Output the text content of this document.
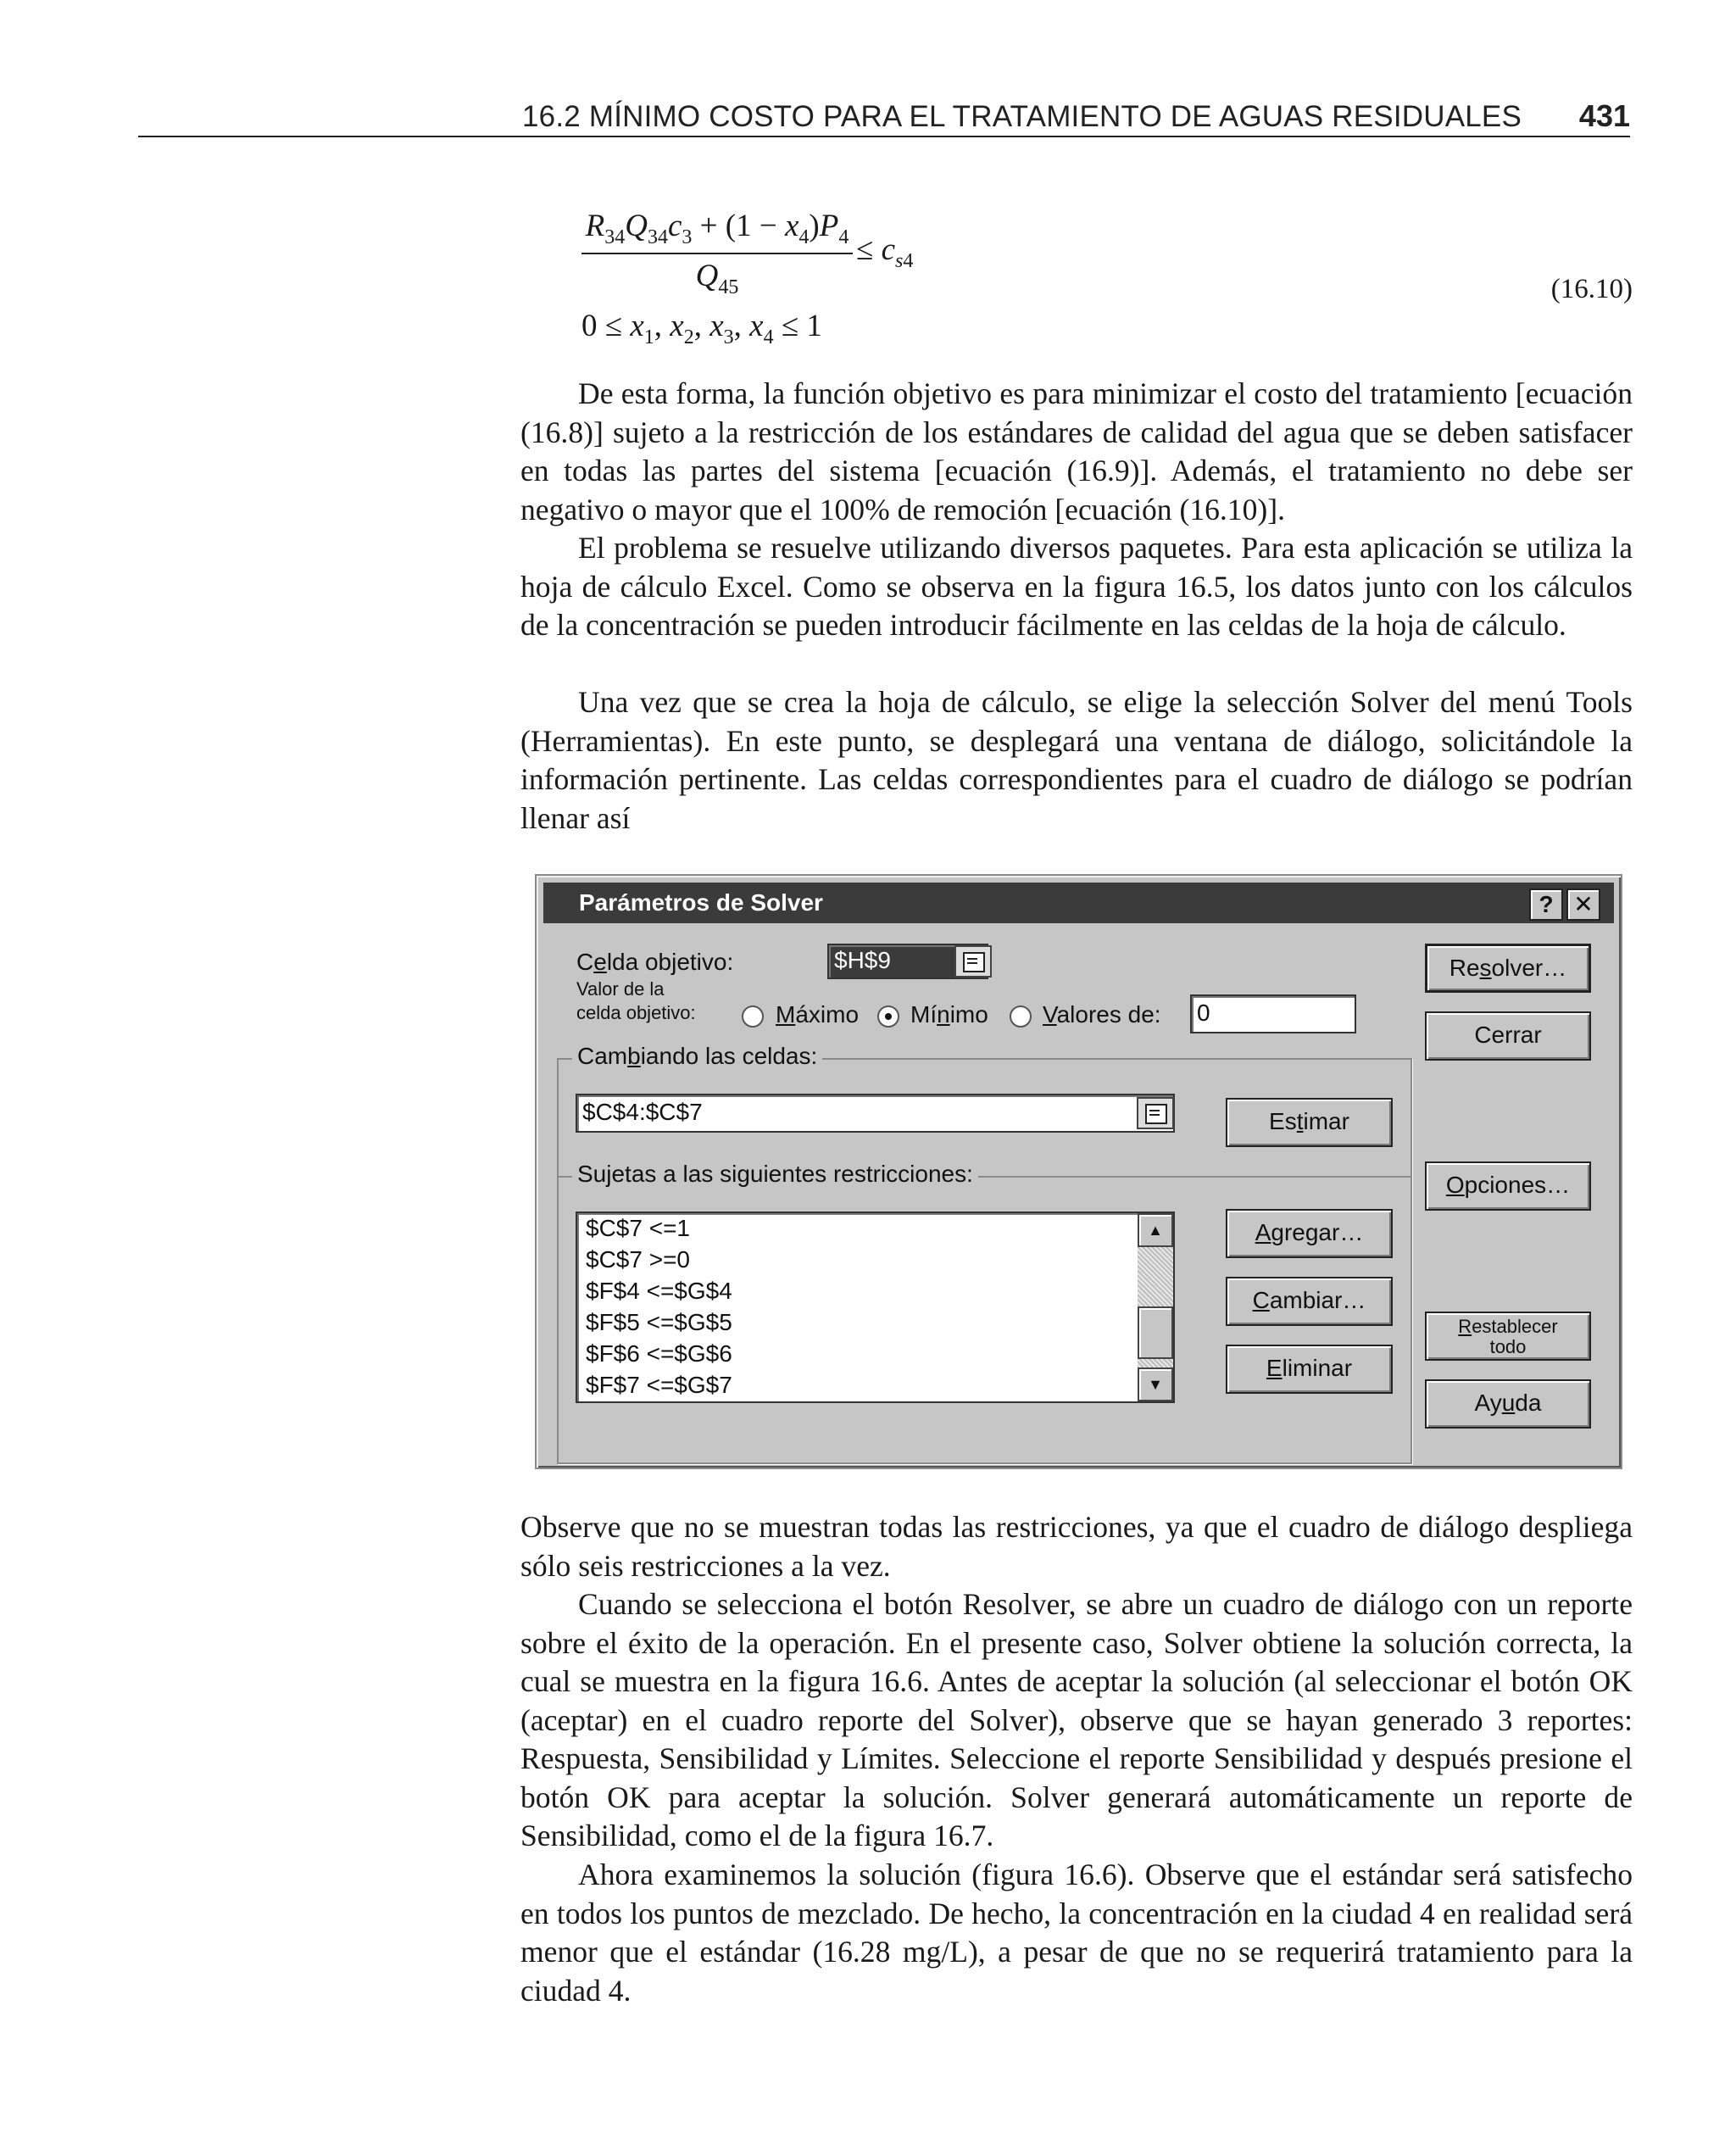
16.2 MÍNIMO COSTO PARA EL TRATAMIENTO DE AGUAS RESIDUALES 431
$\frac{R_{34}Q_{34}c_3 + (1 - x_4)P_4}{Q_{45}} \le c_{s4}$
$0 \le x_1$, $x_2$, $x_3$, $x_4 \le 1$
(16.10)

De esta forma, la función objetivo es para minimizar el costo del tratamiento [ecuación (16.8)] sujeto a la restricción de los estándares de calidad del agua que se deben satisfacer en todas las partes del sistema [ecuación (16.9)]. Además, el tratamiento no debe ser negativo o mayor que el 100% de remoción [ecuación (16.10)].

El problema se resuelve utilizando diversos paquetes. Para esta aplicación se utiliza la hoja de cálculo Excel. Como se observa en la figura 16.5, los datos junto con los cálculos de la concentración se pueden introducir fácilmente en las celdas de la hoja de cálculo.

Una vez que se crea la hoja de cálculo, se elige la selección Solver del menú Tools (Herramientas). En este punto, se desplegará una ventana de diálogo, solicitándole la información pertinente. Las celdas correspondientes para el cuadro de diálogo se podrían llenar así

Parámetros de Solver	? ✕
Celda objetivo:	$H$9
Valor de la
celda objetivo:	Máximo Mínimo Valores de: 0
Cambiando las celdas:
$C$4:$C$7
Sujetas a las siguientes restricciones:
$C$7 <=1
$C$7 >=0
$F$4 <=$G$4
$F$5 <=$G$5
$F$6 <=$G$6
$F$7 <=$G$7
▲
▼
Estimar
Agregar…
Cambiar…
Eliminar
Resolver…
Cerrar
Opciones…
Restablecer
todo
Ayuda

Observe que no se muestran todas las restricciones, ya que el cuadro de diálogo despliega sólo seis restricciones a la vez.

Cuando se selecciona el botón Resolver, se abre un cuadro de diálogo con un reporte sobre el éxito de la operación. En el presente caso, Solver obtiene la solución correcta, la cual se muestra en la figura 16.6. Antes de aceptar la solución (al seleccionar el botón OK (aceptar) en el cuadro reporte del Solver), observe que se hayan generado 3 reportes: Respuesta, Sensibilidad y Límites. Seleccione el reporte Sensibilidad y después presione el botón OK para aceptar la solución. Solver generará automáticamente un reporte de Sensibilidad, como el de la figura 16.7.

Ahora examinemos la solución (figura 16.6). Observe que el estándar será satisfecho en todos los puntos de mezclado. De hecho, la concentración en la ciudad 4 en realidad será menor que el estándar (16.28 mg/L), a pesar de que no se requerirá tratamiento para la ciudad 4.
